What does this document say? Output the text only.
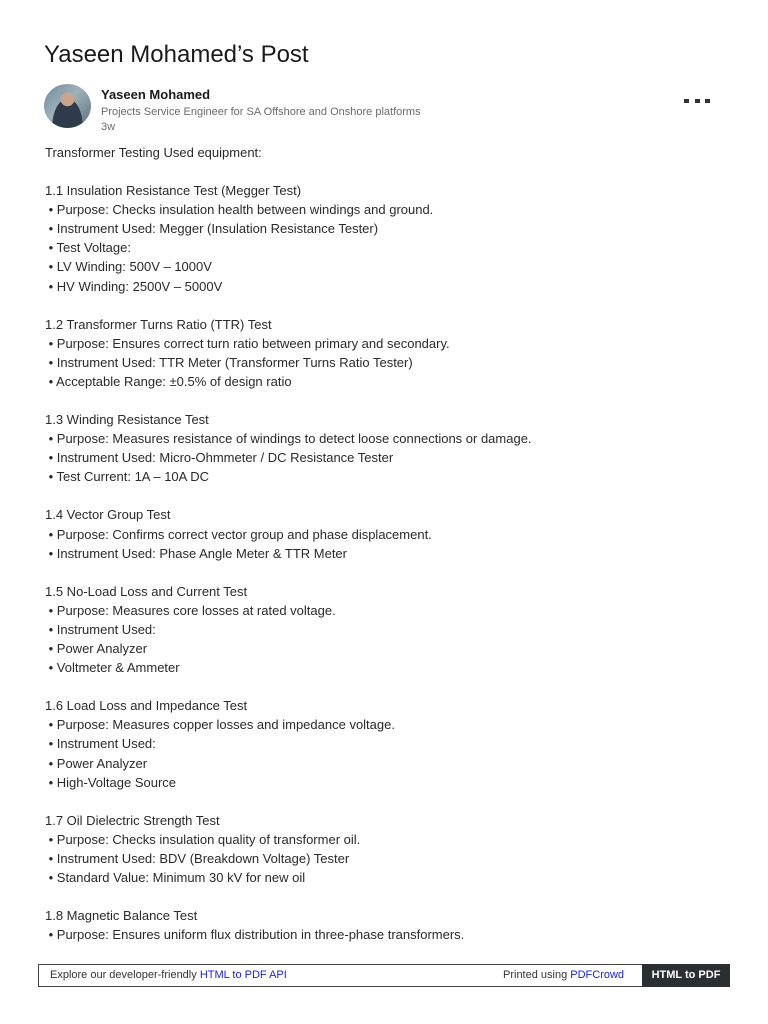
Yaseen Mohamed’s Post
Yaseen Mohamed
Projects Service Engineer for SA Offshore and Onshore platforms
3w
Transformer Testing Used equipment:
1.1 Insulation Resistance Test (Megger Test)
• Purpose: Checks insulation health between windings and ground.
• Instrument Used: Megger (Insulation Resistance Tester)
• Test Voltage:
• LV Winding: 500V – 1000V
• HV Winding: 2500V – 5000V
1.2 Transformer Turns Ratio (TTR) Test
• Purpose: Ensures correct turn ratio between primary and secondary.
• Instrument Used: TTR Meter (Transformer Turns Ratio Tester)
• Acceptable Range: ±0.5% of design ratio
1.3 Winding Resistance Test
• Purpose: Measures resistance of windings to detect loose connections or damage.
• Instrument Used: Micro-Ohmmeter / DC Resistance Tester
• Test Current: 1A – 10A DC
1.4 Vector Group Test
• Purpose: Confirms correct vector group and phase displacement.
• Instrument Used: Phase Angle Meter & TTR Meter
1.5 No-Load Loss and Current Test
• Purpose: Measures core losses at rated voltage.
• Instrument Used:
• Power Analyzer
• Voltmeter & Ammeter
1.6 Load Loss and Impedance Test
• Purpose: Measures copper losses and impedance voltage.
• Instrument Used:
• Power Analyzer
• High-Voltage Source
1.7 Oil Dielectric Strength Test
• Purpose: Checks insulation quality of transformer oil.
• Instrument Used: BDV (Breakdown Voltage) Tester
• Standard Value: Minimum 30 kV for new oil
1.8 Magnetic Balance Test
• Purpose: Ensures uniform flux distribution in three-phase transformers.
Explore our developer-friendly HTML to PDF API	Printed using PDFCrowd	HTML to PDF
